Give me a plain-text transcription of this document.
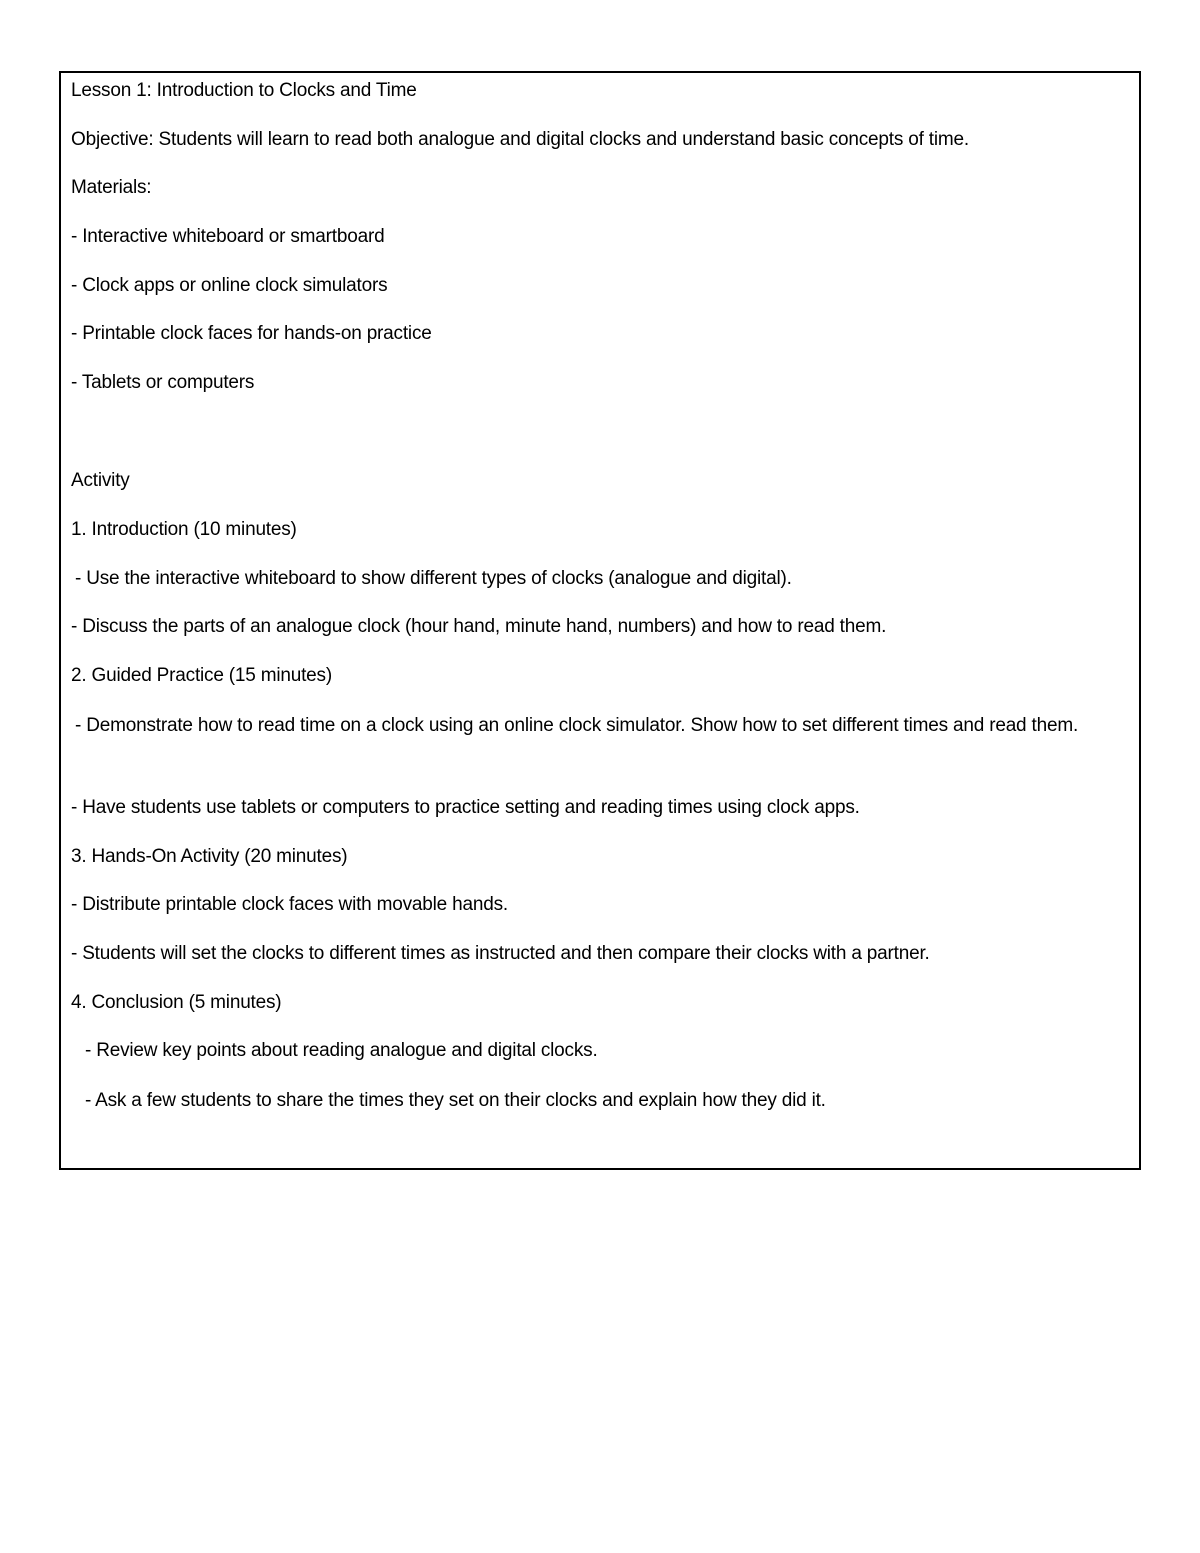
Lesson 1: Introduction to Clocks and Time

Objective: Students will learn to read both analogue and digital clocks and understand basic concepts of time.

Materials:

- Interactive whiteboard or smartboard

- Clock apps or online clock simulators

- Printable clock faces for hands-on practice

- Tablets or computers

Activity

1. Introduction (10 minutes)

- Use the interactive whiteboard to show different types of clocks (analogue and digital).

- Discuss the parts of an analogue clock (hour hand, minute hand, numbers) and how to read them.

2. Guided Practice (15 minutes)

- Demonstrate how to read time on a clock using an online clock simulator. Show how to set different times and read them.

- Have students use tablets or computers to practice setting and reading times using clock apps.

3. Hands-On Activity (20 minutes)

- Distribute printable clock faces with movable hands.

- Students will set the clocks to different times as instructed and then compare their clocks with a partner.

4. Conclusion (5 minutes)

- Review key points about reading analogue and digital clocks.

- Ask a few students to share the times they set on their clocks and explain how they did it.
